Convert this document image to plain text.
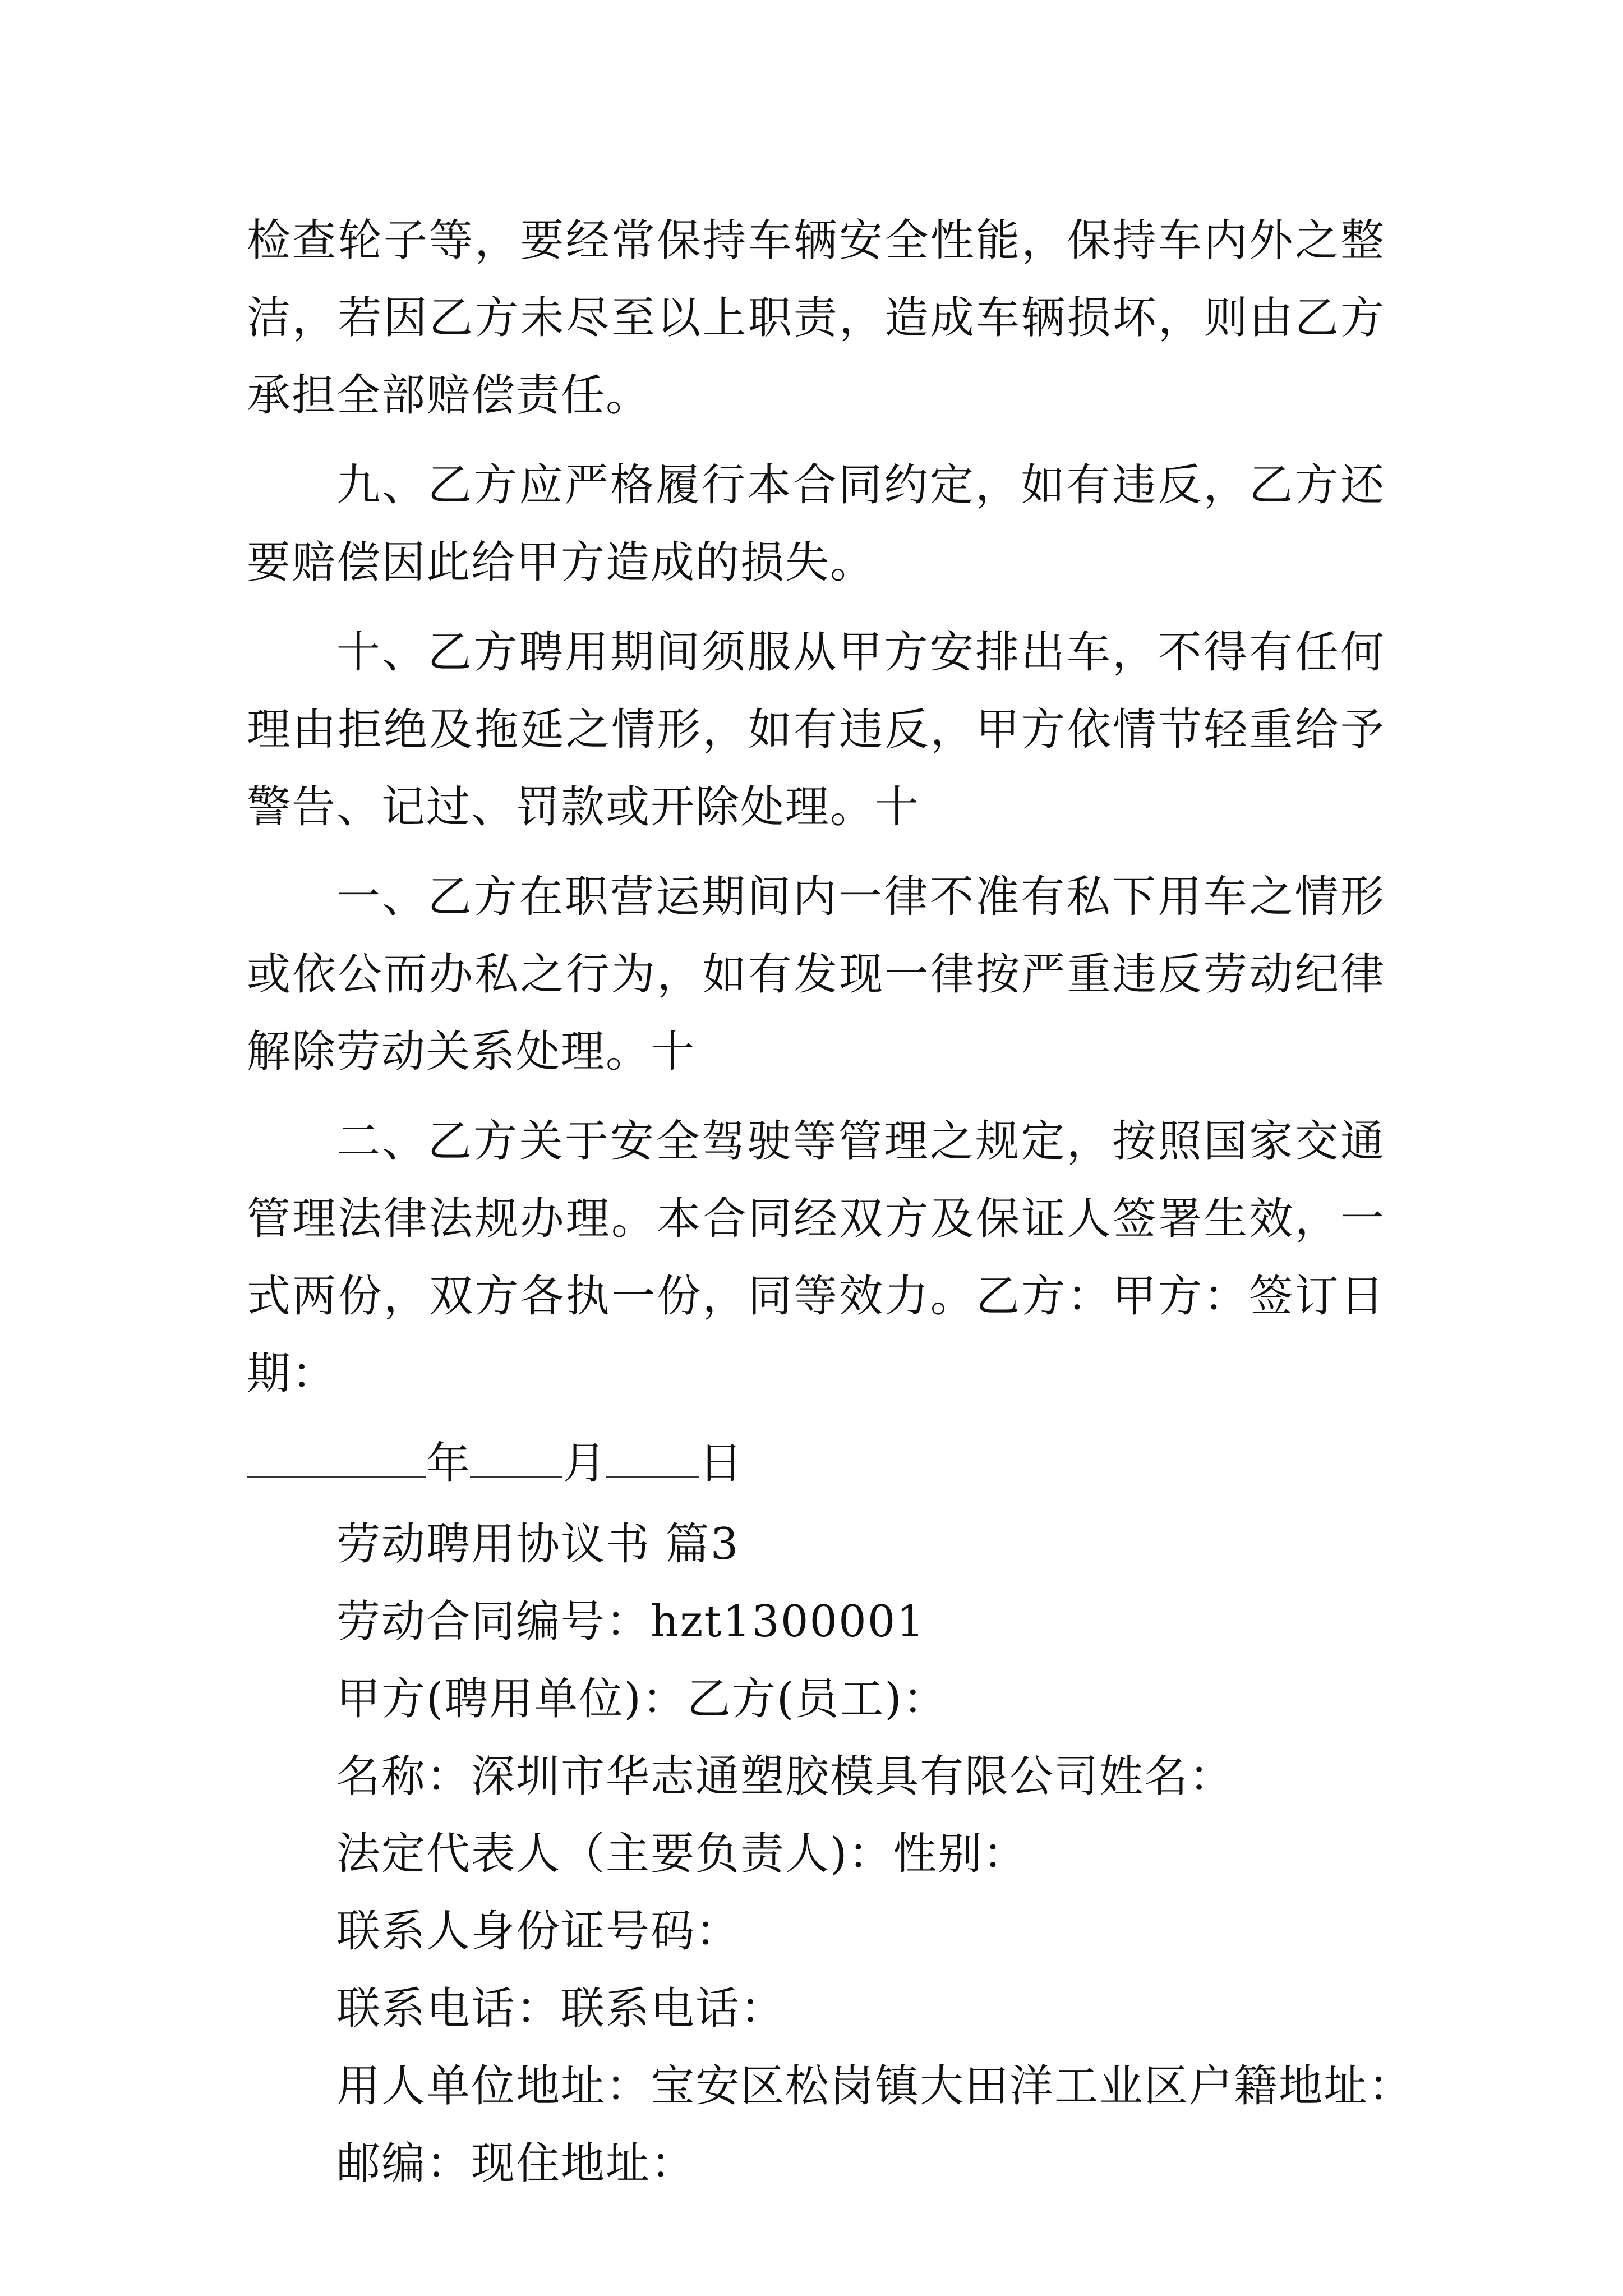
检查轮子等，要经常保持车辆安全性能，保持车内外之整洁，若因乙方未尽至以上职责，造成车辆损坏，则由乙方承担全部赔偿责任。

九、乙方应严格履行本合同约定，如有违反，乙方还要赔偿因此给甲方造成的损失。

十、乙方聘用期间须服从甲方安排出车，不得有任何理由拒绝及拖延之情形，如有违反，甲方依情节轻重给予警告、记过、罚款或开除处理。十

一、乙方在职营运期间内一律不准有私下用车之情形或依公而办私之行为，如有发现一律按严重违反劳动纪律解除劳动关系处理。十

二、乙方关于安全驾驶等管理之规定，按照国家交通管理法律法规办理。本合同经双方及保证人签署生效，一式两份，双方各执一份，同等效力。乙方：甲方：签订日期：

年 月 日

劳动聘用协议书 篇3

劳动合同编号：hzt1300001

甲方(聘用单位)：乙方(员工)：

名称：深圳市华志通塑胶模具有限公司姓名：

法定代表人（主要负责人)：性别：

联系人身份证号码：

联系电话：联系电话：

用人单位地址：宝安区松岗镇大田洋工业区户籍地址：

邮编：现住地址：
